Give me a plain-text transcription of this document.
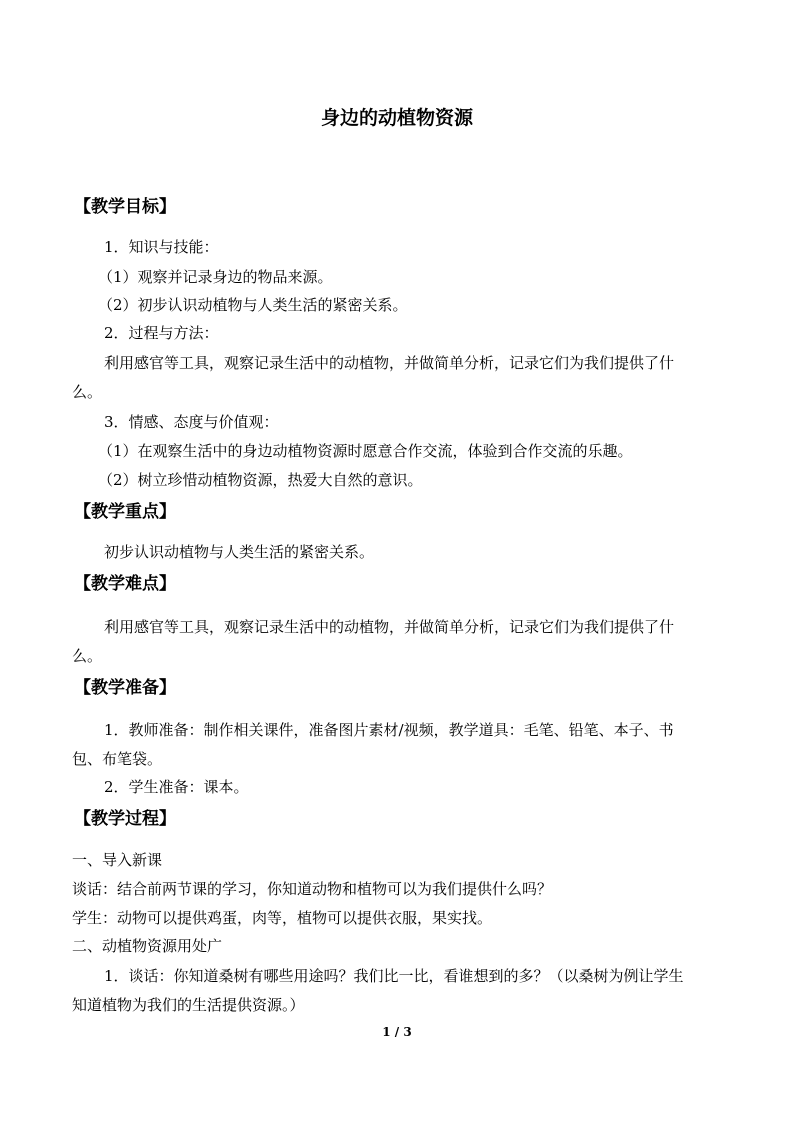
身边的动植物资源
【教学目标】
1．知识与技能：
（1）观察并记录身边的物品来源。
（2）初步认识动植物与人类生活的紧密关系。
2．过程与方法：
利用感官等工具，观察记录生活中的动植物，并做简单分析，记录它们为我们提供了什
么。
3．情感、态度与价值观：
（1）在观察生活中的身边动植物资源时愿意合作交流，体验到合作交流的乐趣。
（2）树立珍惜动植物资源，热爱大自然的意识。
【教学重点】
初步认识动植物与人类生活的紧密关系。
【教学难点】
利用感官等工具，观察记录生活中的动植物，并做简单分析，记录它们为我们提供了什
么。
【教学准备】
1．教师准备：制作相关课件，准备图片素材/视频，教学道具：毛笔、铅笔、本子、书
包、布笔袋。
2．学生准备：课本。
【教学过程】
一、导入新课
谈话：结合前两节课的学习，你知道动物和植物可以为我们提供什么吗？
学生：动物可以提供鸡蛋，肉等，植物可以提供衣服，果实找。
二、动植物资源用处广
1．谈话：你知道桑树有哪些用途吗？我们比一比，看谁想到的多？（以桑树为例让学生
知道植物为我们的生活提供资源。）
1 / 3
